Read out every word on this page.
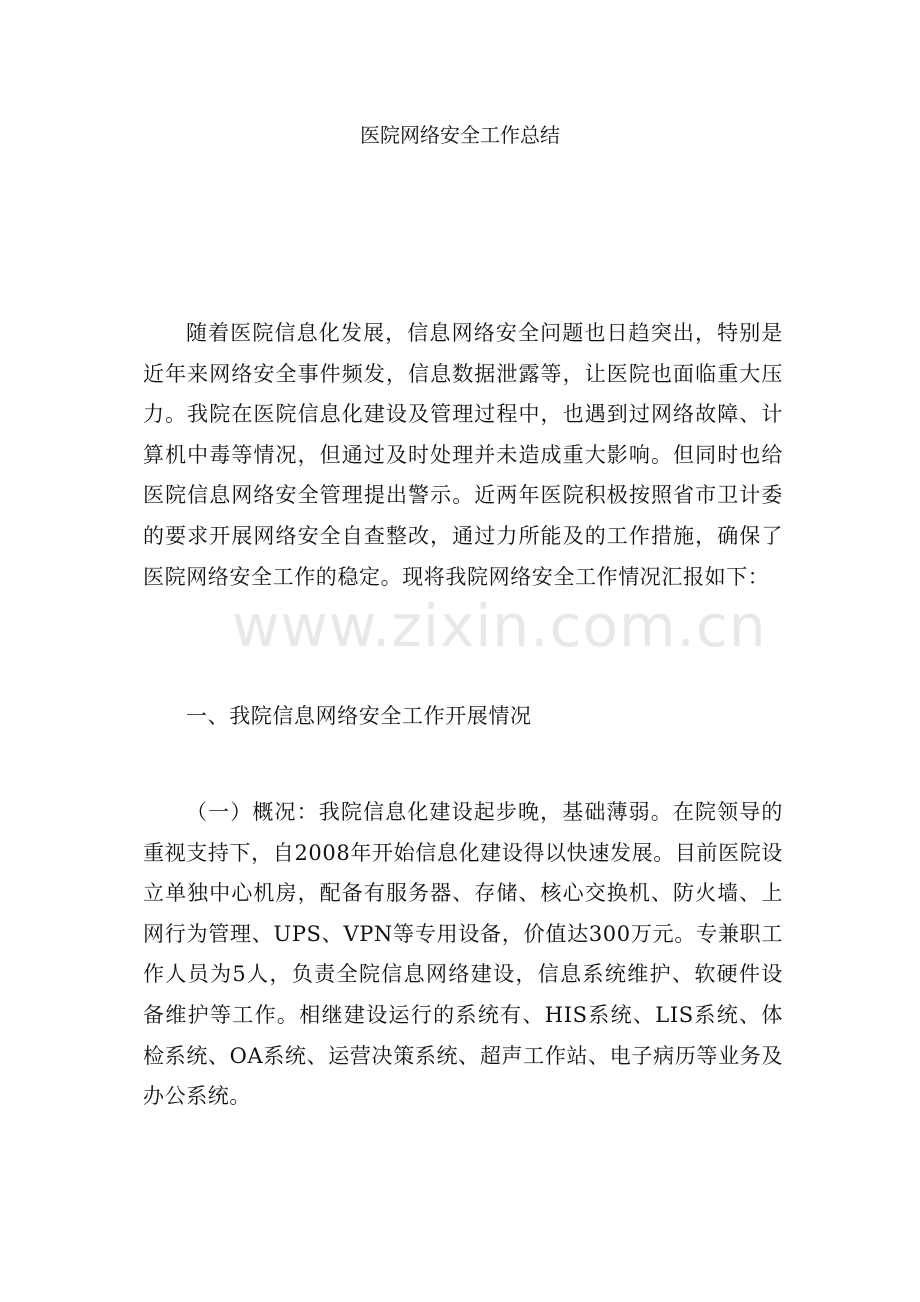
医院网络安全工作总结

随着医院信息化发展，信息网络安全问题也日趋突出，特别是近年来网络安全事件频发，信息数据泄露等，让医院也面临重大压力。我院在医院信息化建设及管理过程中，也遇到过网络故障、计算机中毒等情况，但通过及时处理并未造成重大影响。但同时也给医院信息网络安全管理提出警示。近两年医院积极按照省市卫计委的要求开展网络安全自查整改，通过力所能及的工作措施，确保了医院网络安全工作的稳定。现将我院网络安全工作情况汇报如下：

一、我院信息网络安全工作开展情况

（一）概况：我院信息化建设起步晚，基础薄弱。在院领导的重视支持下，自2008年开始信息化建设得以快速发展。目前医院设立单独中心机房，配备有服务器、存储、核心交换机、防火墙、上网行为管理、UPS、VPN等专用设备，价值达300万元。专兼职工作人员为5人，负责全院信息网络建设，信息系统维护、软硬件设备维护等工作。相继建设运行的系统有、HIS系统、LIS系统、体检系统、OA系统、运营决策系统、超声工作站、电子病历等业务及办公系统。

www.zixin.com.cn
